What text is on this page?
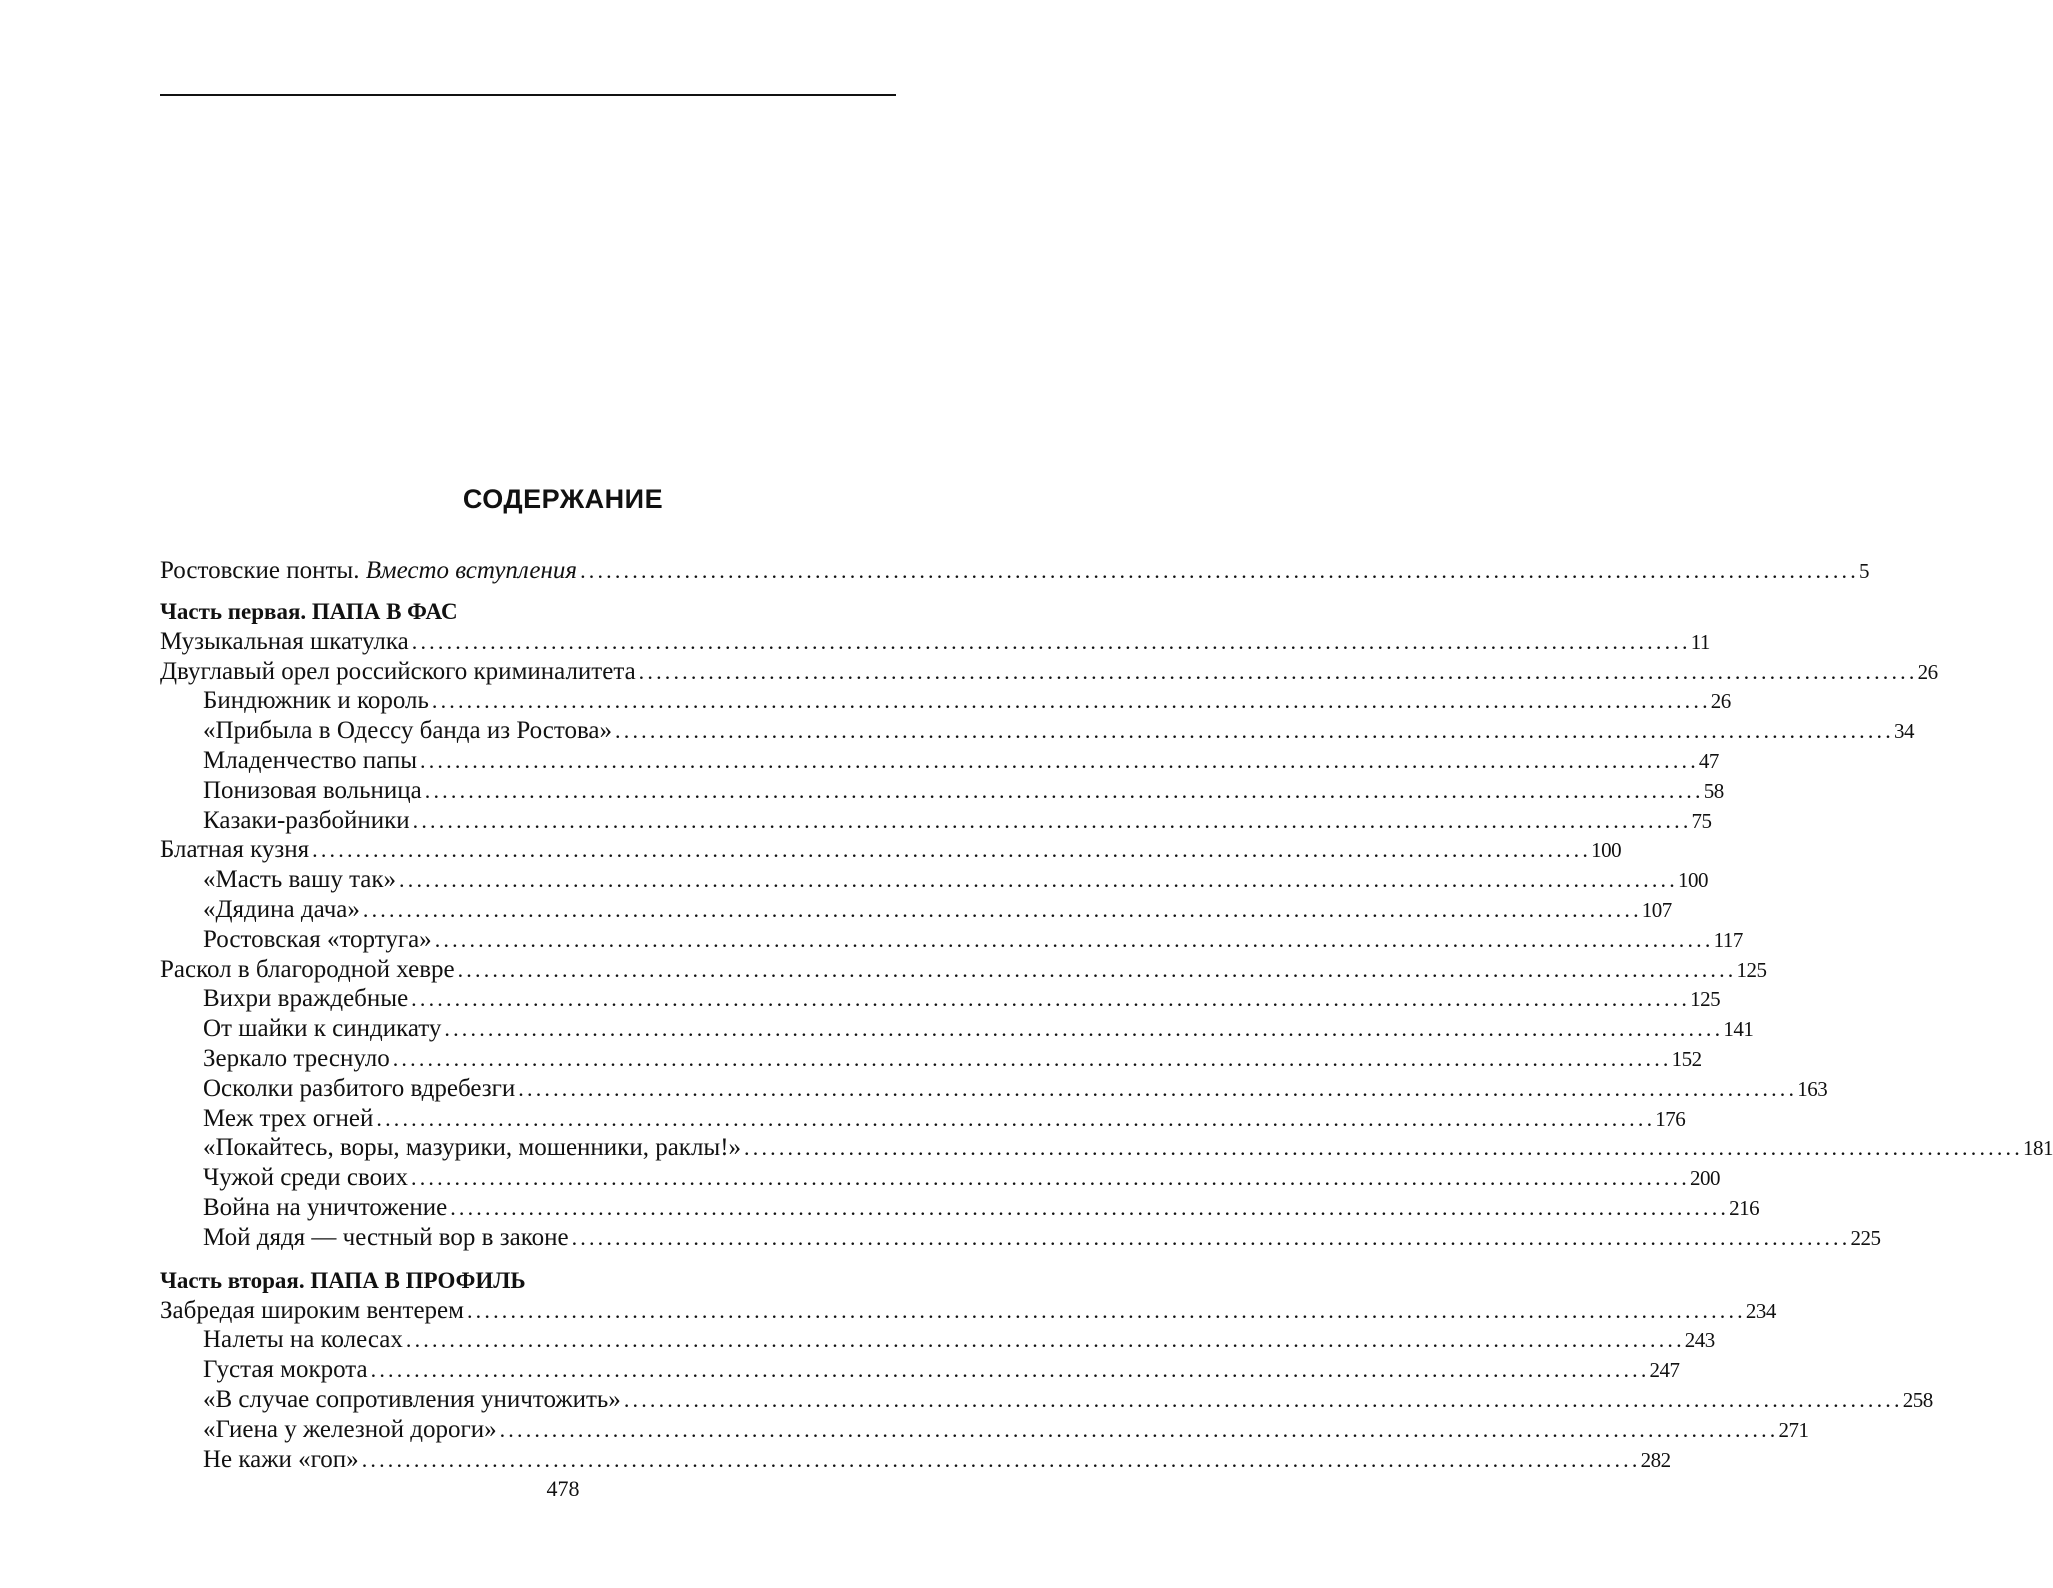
СОДЕРЖАНИЕ
Ростовские понты. Вместо вступления .....	5
Часть первая. ПАПА В ФАС
Музыкальная шкатулка .....	11
Двуглавый орел российского криминалитета .....	26
Биндюжник и король .....	26
«Прибыла в Одессу банда из Ростова» .....	34
Младенчество папы .....	47
Понизовая вольница .....	58
Казаки-разбойники .....	75
Блатная кузня .....	100
«Масть вашу так» .....	100
«Дядина дача» .....	107
Ростовская «тортуга» .....	117
Раскол в благородной хевре .....	125
Вихри враждебные .....	125
От шайки к синдикату .....	141
Зеркало треснуло .....	152
Осколки разбитого вдребезги .....	163
Меж трех огней .....	176
«Покайтесь, воры, мазурики, мошенники, раклы!» .....	181
Чужой среди своих .....	200
Война на уничтожение .....	216
Мой дядя — честный вор в законе .....	225
Часть вторая. ПАПА В ПРОФИЛЬ
Забредая широким вентерем .....	234
Налеты на колесах .....	243
Густая мокрота .....	247
«В случае сопротивления уничтожить» .....	258
«Гиена у железной дороги» .....	271
Не кажи «гоп» .....	282
478
